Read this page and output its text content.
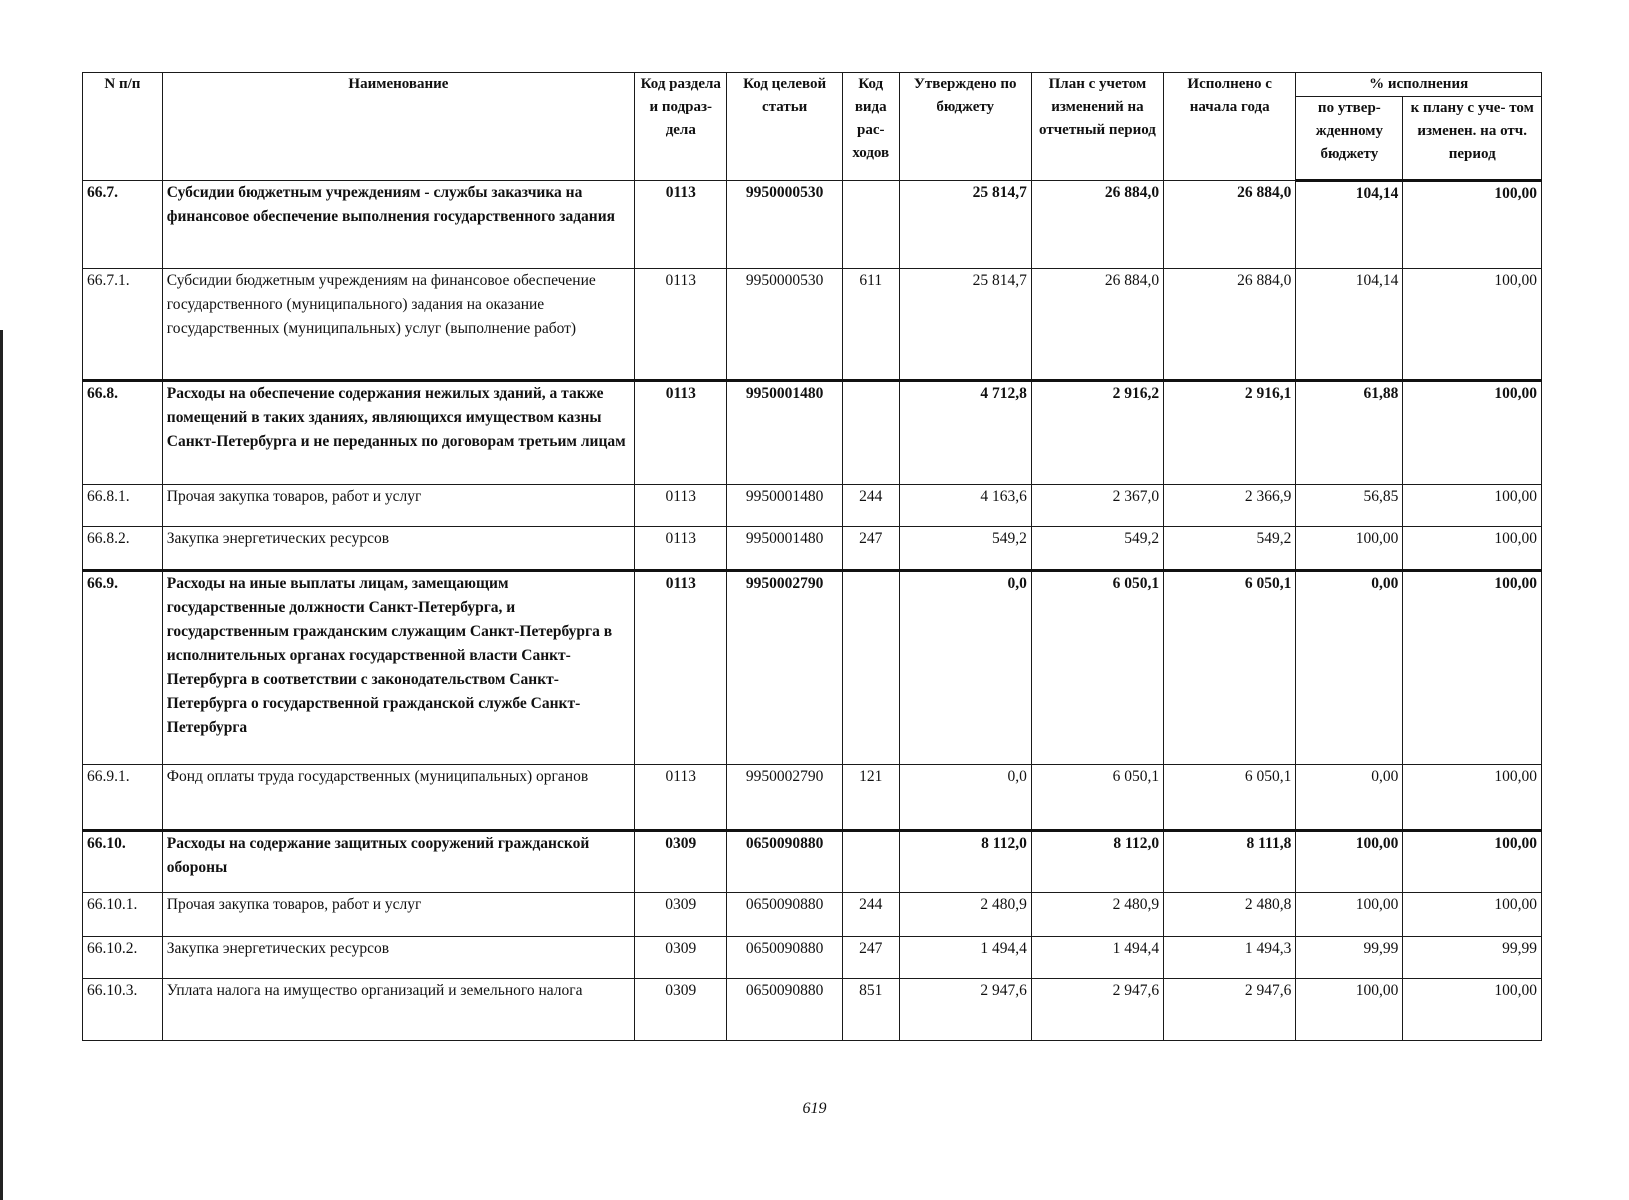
N п/п	Наименование	Код раздела и подраз- дела	Код целевой статьи	Код вида рас- ходов	Утверждено по бюджету	План с учетом изменений на отчетный период	Исполнено с начала года	% исполнения	
								по утвер- жденному бюджету	к плану с уче- том изменен. на отч. период
66.7.	Субсидии бюджетным учреждениям - службы заказчика на финансовое обеспечение выполнения государственного задания	0113	9950000530		25 814,7	26 884,0	26 884,0	104,14	100,00
66.7.1.	Субсидии бюджетным учреждениям на финансовое обеспечение государственного (муниципального) задания на оказание государственных (муниципальных) услуг (выполнение работ)	0113	9950000530	611	25 814,7	26 884,0	26 884,0	104,14	100,00
66.8.	Расходы на обеспечение содержания нежилых зданий, а также помещений в таких зданиях, являющихся имуществом казны Санкт-Петербурга и не переданных по договорам третьим лицам	0113	9950001480		4 712,8	2 916,2	2 916,1	61,88	100,00
66.8.1.	Прочая закупка товаров, работ и услуг	0113	9950001480	244	4 163,6	2 367,0	2 366,9	56,85	100,00
66.8.2.	Закупка энергетических ресурсов	0113	9950001480	247	549,2	549,2	549,2	100,00	100,00
66.9.	Расходы на иные выплаты лицам, замещающим государственные должности Санкт-Петербурга, и государственным гражданским служащим Санкт-Петербурга в исполнительных органах государственной власти Санкт-Петербурга в соответствии с законодательством Санкт-Петербурга о государственной гражданской службе Санкт-Петербурга	0113	9950002790		0,0	6 050,1	6 050,1	0,00	100,00
66.9.1.	Фонд оплаты труда государственных (муниципальных) органов	0113	9950002790	121	0,0	6 050,1	6 050,1	0,00	100,00
66.10.	Расходы на содержание защитных сооружений гражданской обороны	0309	0650090880		8 112,0	8 112,0	8 111,8	100,00	100,00
66.10.1.	Прочая закупка товаров, работ и услуг	0309	0650090880	244	2 480,9	2 480,9	2 480,8	100,00	100,00
66.10.2.	Закупка энергетических ресурсов	0309	0650090880	247	1 494,4	1 494,4	1 494,3	99,99	99,99
66.10.3.	Уплата налога на имущество организаций и земельного налога	0309	0650090880	851	2 947,6	2 947,6	2 947,6	100,00	100,00
619
